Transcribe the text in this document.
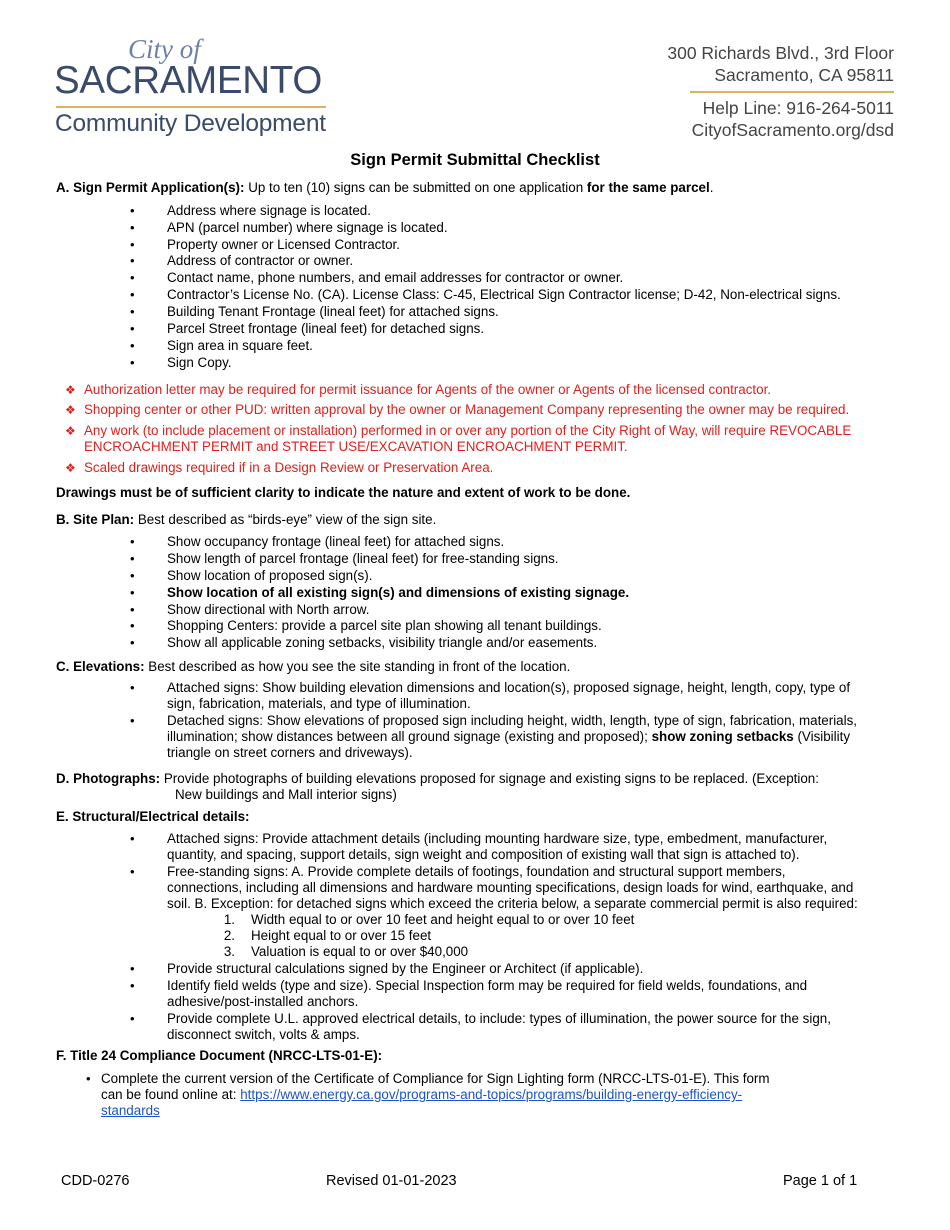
City of
SACRAMENTO
Community Development
300 Richards Blvd., 3rd Floor
Sacramento, CA 95811
Help Line: 916-264-5011
CityofSacramento.org/dsd
Sign Permit Submittal Checklist
A. Sign Permit Application(s): Up to ten (10) signs can be submitted on one application for the same parcel.
• Address where signage is located.
• APN (parcel number) where signage is located.
• Property owner or Licensed Contractor.
• Address of contractor or owner.
• Contact name, phone numbers, and email addresses for contractor or owner.
• Contractor’s License No. (CA). License Class: C-45, Electrical Sign Contractor license; D-42, Non-electrical signs.
• Building Tenant Frontage (lineal feet) for attached signs.
• Parcel Street frontage (lineal feet) for detached signs.
• Sign area in square feet.
• Sign Copy.
❖ Authorization letter may be required for permit issuance for Agents of the owner or Agents of the licensed contractor.
❖ Shopping center or other PUD: written approval by the owner or Management Company representing the owner may be required.
❖ Any work (to include placement or installation) performed in or over any portion of the City Right of Way, will require REVOCABLE
ENCROACHMENT PERMIT and STREET USE/EXCAVATION ENCROACHMENT PERMIT.
❖ Scaled drawings required if in a Design Review or Preservation Area.
Drawings must be of sufficient clarity to indicate the nature and extent of work to be done.
B. Site Plan: Best described as “birds-eye” view of the sign site.
• Show occupancy frontage (lineal feet) for attached signs.
• Show length of parcel frontage (lineal feet) for free-standing signs.
• Show location of proposed sign(s).
• Show location of all existing sign(s) and dimensions of existing signage.
• Show directional with North arrow.
• Shopping Centers: provide a parcel site plan showing all tenant buildings.
• Show all applicable zoning setbacks, visibility triangle and/or easements.
C. Elevations: Best described as how you see the site standing in front of the location.
• Attached signs: Show building elevation dimensions and location(s), proposed signage, height, length, copy, type of
sign, fabrication, materials, and type of illumination.
• Detached signs: Show elevations of proposed sign including height, width, length, type of sign, fabrication, materials,
illumination; show distances between all ground signage (existing and proposed); show zoning setbacks (Visibility
triangle on street corners and driveways).
D. Photographs: Provide photographs of building elevations proposed for signage and existing signs to be replaced. (Exception:
New buildings and Mall interior signs)
E. Structural/Electrical details:
• Attached signs: Provide attachment details (including mounting hardware size, type, embedment, manufacturer,
quantity, and spacing, support details, sign weight and composition of existing wall that sign is attached to).
• Free-standing signs: A. Provide complete details of footings, foundation and structural support members,
connections, including all dimensions and hardware mounting specifications, design loads for wind, earthquake, and
soil. B. Exception: for detached signs which exceed the criteria below, a separate commercial permit is also required:
1. Width equal to or over 10 feet and height equal to or over 10 feet
2. Height equal to or over 15 feet
3. Valuation is equal to or over $40,000
• Provide structural calculations signed by the Engineer or Architect (if applicable).
• Identify field welds (type and size). Special Inspection form may be required for field welds, foundations, and
adhesive/post-installed anchors.
• Provide complete U.L. approved electrical details, to include: types of illumination, the power source for the sign,
disconnect switch, volts & amps.
F. Title 24 Compliance Document (NRCC-LTS-01-E):
• Complete the current version of the Certificate of Compliance for Sign Lighting form (NRCC-LTS-01-E). This form
can be found online at: https://www.energy.ca.gov/programs-and-topics/programs/building-energy-efficiency-
standards
CDD-0276	Revised 01-01-2023	Page 1 of 1
